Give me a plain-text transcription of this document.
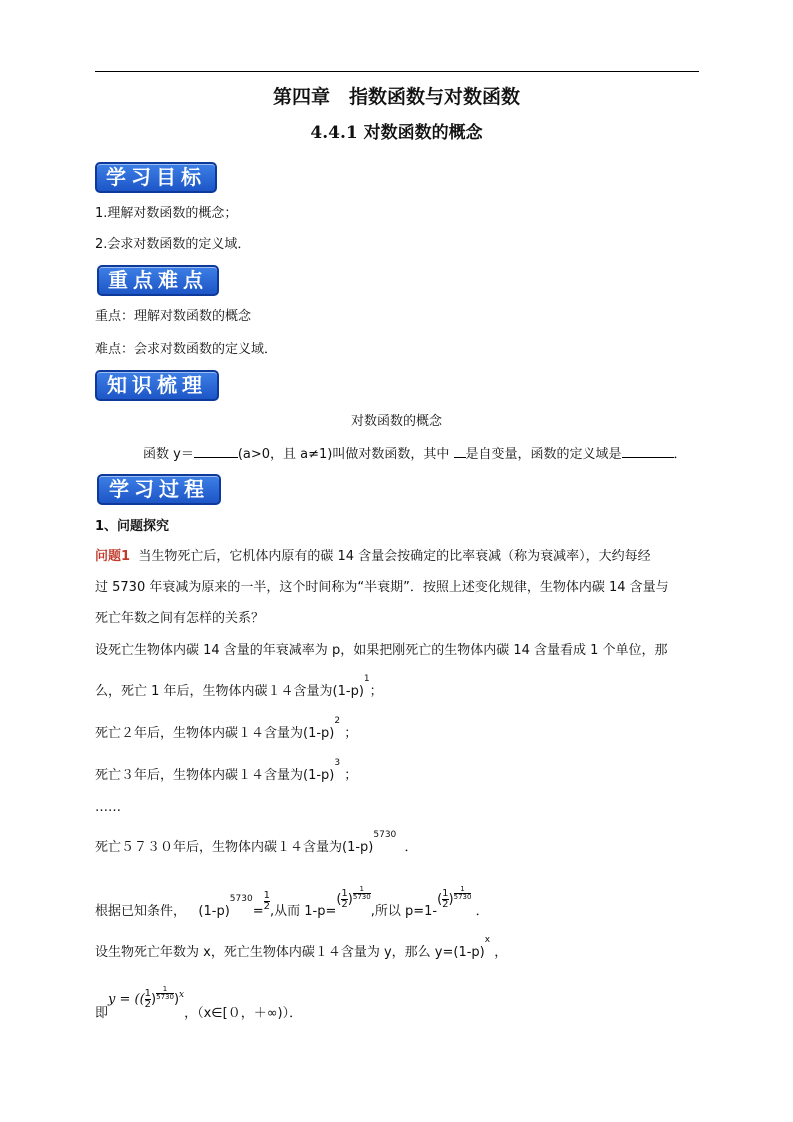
第四章　指数函数与对数函数
4.4.1 对数函数的概念
学习目标
1.理解对数函数的概念；
2.会求对数函数的定义域．
重点难点
重点：理解对数函数的概念
难点：会求对数函数的定义域．
知识梳理
对数函数的概念
函数 y＝	(a>0，且 a≠1)叫做对数函数，其中 是自变量，函数的定义域是	．
学习过程
1、问题探究
问题1 当生物死亡后，它机体内原有的碳 14 含量会按确定的比率衰减（称为衰减率），大约每经
过 5730 年衰减为原来的一半，这个时间称为“半衰期”．按照上述变化规律，生物体内碳 14 含量与
死亡年数之间有怎样的关系？
设死亡生物体内碳 14 含量的年衰减率为 p，如果把刚死亡的生物体内碳 14 含量看成 1 个单位，那
么，死亡 1 年后，生物体内碳１４含量为$(1-p)^1$；
死亡２年后，生物体内碳１４含量为$(1-p)^2$ ；
死亡３年后，生物体内碳１４含量为$(1-p)^3$ ；
……
死亡５７３０年后，生物体内碳１４含量为$(1-p)^{5730}$  ．
根据已知条件， $(1-p)^{5730}= \frac{1}{2}$ ,从而 $1-p=( \frac{1}{2}$ ) $\frac{1}{5730}$
,所以 $p=1-( \frac{1}{2}$ ) $\frac{1}{5730}$
．
设生物死亡年数为 x，死亡生物体内碳１４含量为 y，那么 $y=(1-p)^x$ ，
即y = (( $\frac{1}{2}$ ) $\frac{1}{5730} )^x$，（x∈[０，＋∞)）．
